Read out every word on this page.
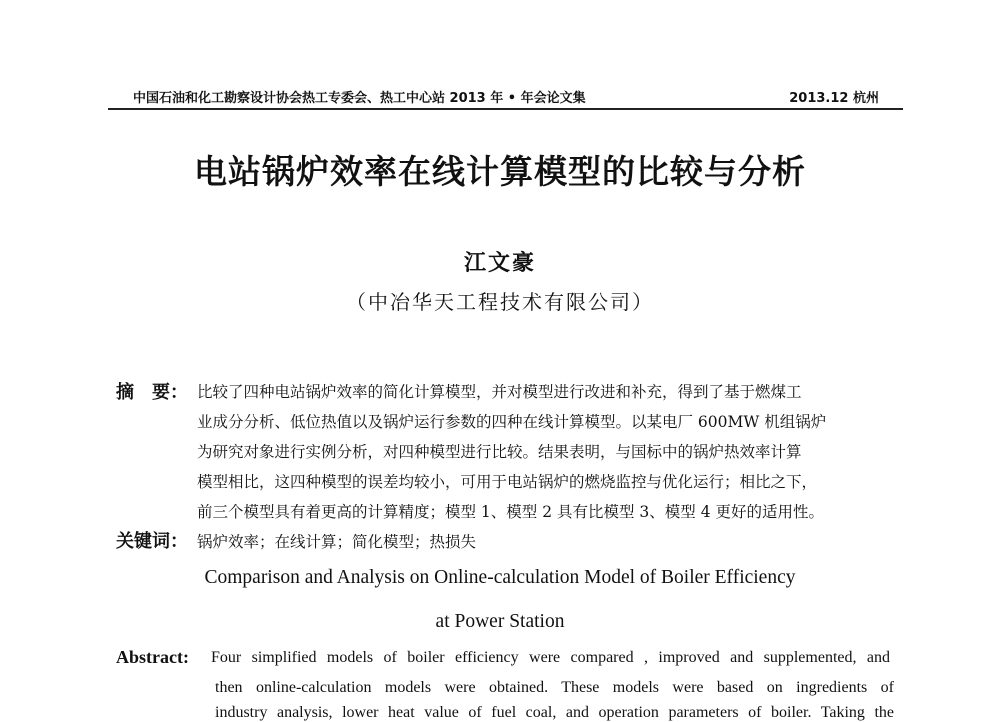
中国石油和化工勘察设计协会热工专委会、热工中心站 2013 年 • 年会论文集	2013.12 杭州
电站锅炉效率在线计算模型的比较与分析
江文豪
（中冶华天工程技术有限公司）
摘　要： 比较了四种电站锅炉效率的简化计算模型，并对模型进行改进和补充，得到了基于燃煤工
业成分分析、低位热值以及锅炉运行参数的四种在线计算模型。以某电厂 600MW 机组锅炉
为研究对象进行实例分析，对四种模型进行比较。结果表明，与国标中的锅炉热效率计算
模型相比，这四种模型的误差均较小，可用于电站锅炉的燃烧监控与优化运行；相比之下，
前三个模型具有着更高的计算精度；模型 1、模型 2 具有比模型 3、模型 4 更好的适用性。
关键词： 锅炉效率；在线计算；简化模型；热损失
Comparison and Analysis on Online-calculation Model of Boiler Efficiency
at Power Station
Abstract: Four simplified models of boiler efficiency were compared , improved and supplemented, and
then online-calculation models were obtained. These models were based on ingredients of
industry analysis, lower heat value of fuel coal, and operation parameters of boiler. Taking the
